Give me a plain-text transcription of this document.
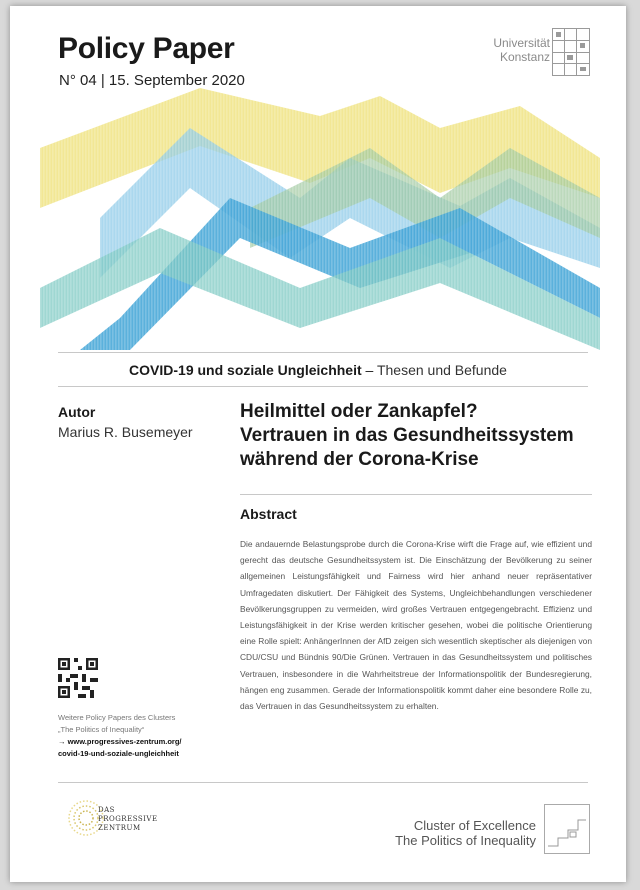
Policy Paper
N° 04 | 15. September 2020
Universität
Konstanz
COVID-19 und soziale Ungleichheit – Thesen und Befunde
Autor
Marius R. Busemeyer
Heilmittel oder Zankapfel?
Vertrauen in das Gesundheitssystem
während der Corona-Krise
Abstract
Die andauernde Belastungsprobe durch die Corona-Krise wirft die Frage auf, wie effizient und gerecht das deutsche Gesundheitssystem ist. Die Einschätzung der Bevölkerung zu seiner allgemeinen Leistungsfähigkeit und Fairness wird hier anhand neuer repräsentativer Umfragedaten diskutiert. Der Fähigkeit des Systems, Ungleichbehandlungen verschiedener Bevölkerungsgruppen zu vermeiden, wird großes Vertrauen entgegengebracht. Effizienz und Leistungsfähigkeit in der Krise werden kritischer gesehen, wobei die politische Orientierung eine Rolle spielt: AnhängerInnen der AfD zeigen sich wesentlich skeptischer als diejenigen von CDU/CSU und Bündnis 90/Die Grünen. Vertrauen in das Gesundheitssystem und politisches Vertrauen, insbesondere in die Wahrheitstreue der Informationspolitik der Bundesregierung, hängen eng zusammen. Gerade der Informationspolitik kommt daher eine besondere Rolle zu, das Vertrauen in das Gesundheitssystem zu erhalten.
Weitere Policy Papers des Clusters
„The Politics of Inequality“
→ www.progressives-zentrum.org/
covid-19-und-soziale-ungleichheit
DAS
PROGRESSIVE
ZENTRUM	Cluster of Excellence
The Politics of Inequality
